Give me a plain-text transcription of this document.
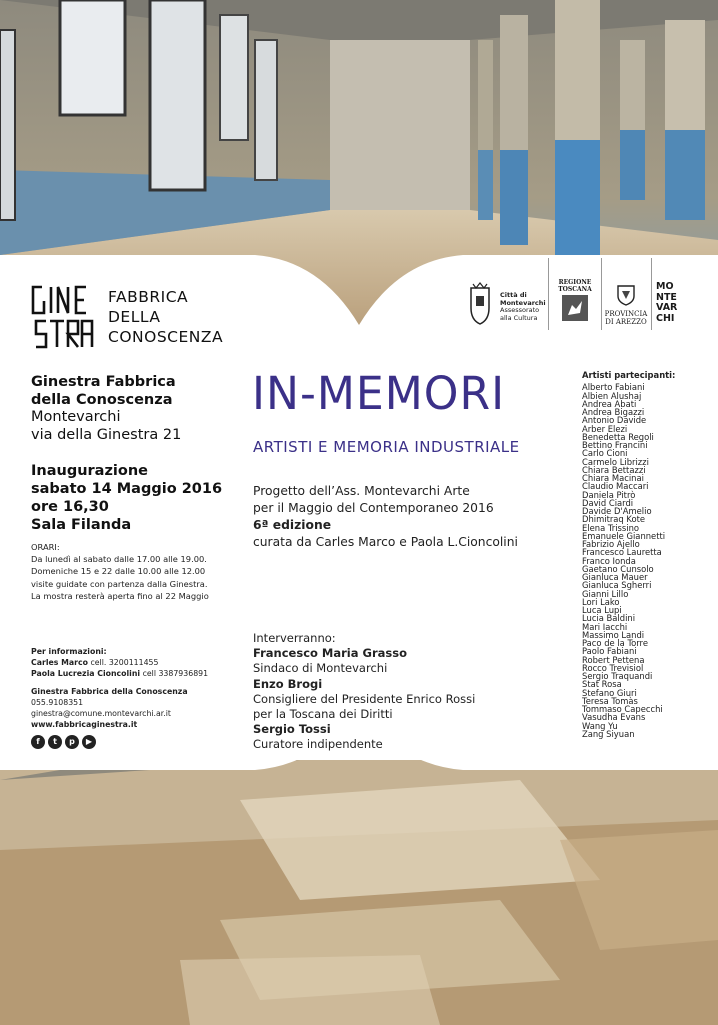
FABBRICA
DELLA
CONOSCENZA
Città di
Montevarchi
Assessorato
alla Cultura
REGIONE TOSCANA
PROVINCIA
DI AREZZO
MONTE VAR CHI
Ginestra Fabbrica
della Conoscenza
Montevarchi
via della Ginestra 21
Inaugurazione
sabato 14 Maggio 2016
ore 16,30
Sala Filanda
ORARI:
Da lunedì al sabato dalle 17.00 alle 19.00.
Domeniche 15 e 22 dalle 10.00 alle 12.00
visite guidate con partenza dalla Ginestra.
La mostra resterà aperta fino al 22 Maggio
Per informazioni:
Carles Marco cell. 3200111455
Paola Lucrezia Cioncolini cell 3387936891
Ginestra Fabbrica della Conoscenza
055.9108351
ginestra@comune.montevarchi.ar.it
www.fabbricaginestra.it
f	t	p	▶
IN-MEMORI
ARTISTI E MEMORIA INDUSTRIALE
Progetto dell’Ass. Montevarchi Arte
per il Maggio del Contemporaneo 2016
6ª edizione
curata da Carles Marco e Paola L.Cioncolini
Interverranno:
Francesco Maria Grasso
Sindaco di Montevarchi
Enzo Brogi
Consigliere del Presidente Enrico Rossi
per la Toscana dei Diritti
Sergio Tossi
Curatore indipendente
Artisti partecipanti:
Alberto Fabiani
Albien Alushaj
Andrea Abati
Andrea Bigazzi
Antonio Davide
Arber Elezi
Benedetta Regoli
Bettino Francini
Carlo Cioni
Carmelo Librizzi
Chiara Bettazzi
Chiara Macinai
Claudio Maccari
Daniela Pitrò
David Ciardi
Davide D'Amelio
Dhimitraq Kote
Elena Trissino
Emanuele Giannetti
Fabrizio Ajello
Francesco Lauretta
Franco Ionda
Gaetano Cunsolo
Gianluca Mauer
Gianluca Sgherri
Gianni Lillo
Lori Lako
Luca Lupi
Lucia Baldini
Mari Iacchi
Massimo Landi
Paco de la Torre
Paolo Fabiani
Robert Pettena
Rocco Trevisiol
Sergio Traquandi
Stat Rosa
Stefano Giuri
Teresa Tomàs
Tommaso Capecchi
Vasudha Evans
Wang Yu
Zang Siyuan
